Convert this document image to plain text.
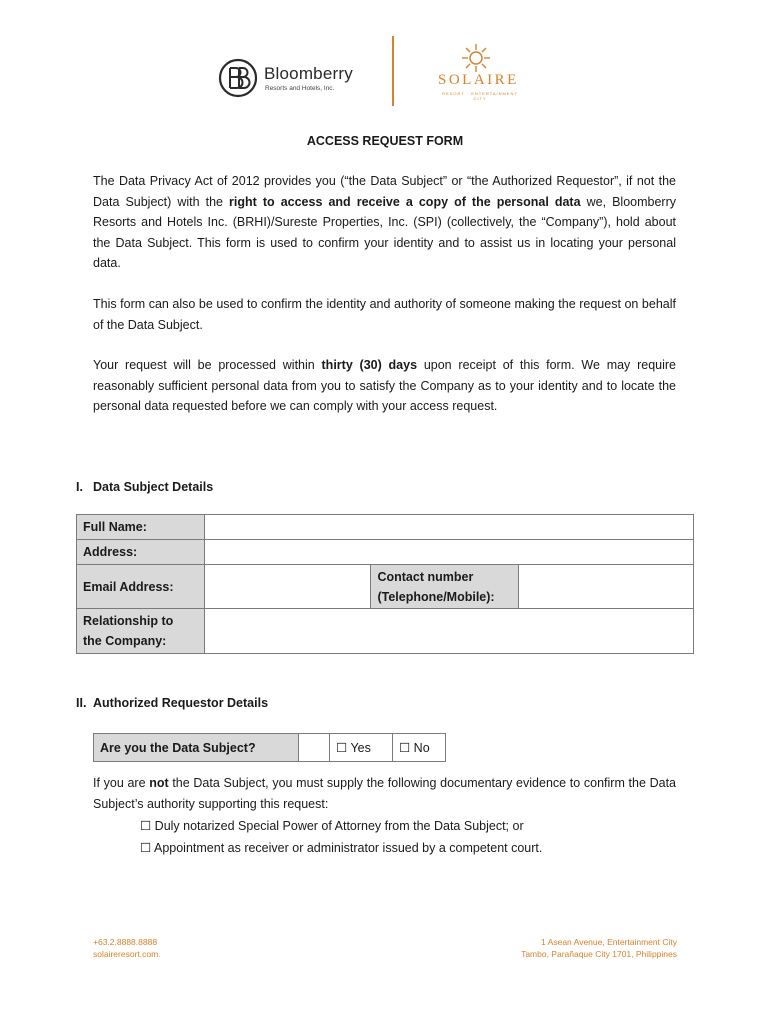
Bloomberry
Resorts and Hotels, Inc.
SOLAIRE
RESORT · ENTERTAINMENT CITY
ACCESS REQUEST FORM

The Data Privacy Act of 2012 provides you (“the Data Subject” or “the Authorized Requestor”, if not the Data Subject) with the right to access and receive a copy of the personal data we, Bloomberry Resorts and Hotels Inc. (BRHI)/Sureste Properties, Inc. (SPI) (collectively, the “Company”), hold about the Data Subject. This form is used to confirm your identity and to assist us in locating your personal data.

This form can also be used to confirm the identity and authority of someone making the request on behalf of the Data Subject.

Your request will be processed within thirty (30) days upon receipt of this form. We may require reasonably sufficient personal data from you to satisfy the Company as to your identity and to locate the personal data requested before we can comply with your access request.

I. Data Subject Details
Full Name:			
Address:			
Email Address:		Contact number
(Telephone/Mobile):	
Relationship to
the Company:			
II. Authorized Requestor Details
Are you the Data Subject?		☐ Yes	☐ No

If you are not the Data Subject, you must supply the following documentary evidence to confirm the Data Subject’s authority supporting this request:

☐ Duly notarized Special Power of Attorney from the Data Subject; or
☐ Appointment as receiver or administrator issued by a competent court.
+63.2.8888.8888
solaireresort.com.
1 Asean Avenue, Entertainment City
Tambo, Parañaque City 1701, Philippines
